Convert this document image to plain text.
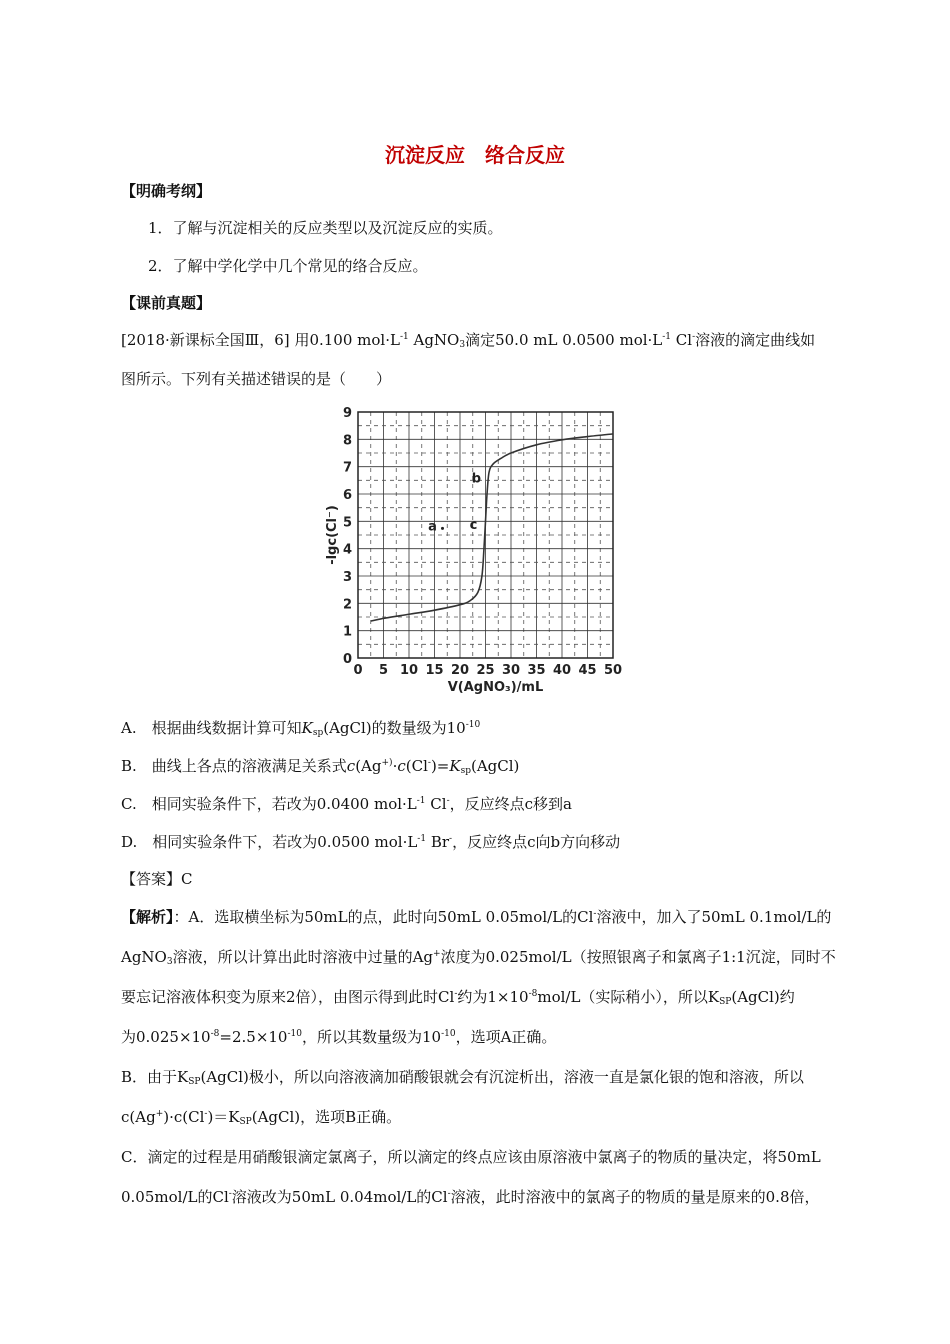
沉淀反应　络合反应
【明确考纲】
1．了解与沉淀相关的反应类型以及沉淀反应的实质。
2．了解中学化学中几个常见的络合反应。
【课前真题】
[2018·新课标全国Ⅲ，6] 用0.100 $mol\cdot L^{-1}$ AgNO$_3$滴定50.0 mL 0.0500 $mol\cdot L^{-1}$ Cl-溶液的滴定曲线如
图所示。下列有关描述错误的是（　　）
0 5 10 15 20 25 30 35 40 45 50
0
1
2
3
4
5
6
7
8
9
a
b
c
V(AgNO₃)/mL
-lgc(Cl⁻)
A.　根据曲线数据计算可知$K_{sp}(AgCl)$的数量级为$10^{-10}$
B.　曲线上各点的溶液满足关系式$c(Ag^{+)}\cdot c(Cl^-)=K_{sp}(AgCl)$
C.　相同实验条件下，若改为0.0400 $mol\cdot L^{-1}$ Cl-，反应终点c移到a
D.　相同实验条件下，若改为0.0500 $mol\cdot L^{-1}$ Br-，反应终点c向b方向移动
【答案】C
【解析】：A．选取横坐标为50mL的点，此时向50mL 0.05mol/L的Cl-溶液中，加入了50mL 0.1mol/L的
AgNO$_3$溶液，所以计算出此时溶液中过量的Ag+浓度为0.025mol/L（按照银离子和氯离子1:1沉淀，同时不
要忘记溶液体积变为原来2倍），由图示得到此时Cl-约为$1\times 10^{-8}mol/L$（实际稍小），所以$K_{SP}(AgCl)$约
为$0.025\times 10^{-8}=2.5\times 10^{-10}$，所以其数量级为$10^{-10}$，选项A正确。
B．由于$K_{SP}(AgCl)$极小，所以向溶液滴加硝酸银就会有沉淀析出，溶液一直是氯化银的饱和溶液，所以
$c(Ag^+)\cdot c(Cl^-)=K_{SP}(AgCl)$，选项B正确。
C．滴定的过程是用硝酸银滴定氯离子，所以滴定的终点应该由原溶液中氯离子的物质的量决定，将50mL
0.05mol/L的Cl-溶液改为50mL 0.04mol/L的Cl-溶液，此时溶液中的氯离子的物质的量是原来的0.8倍，
